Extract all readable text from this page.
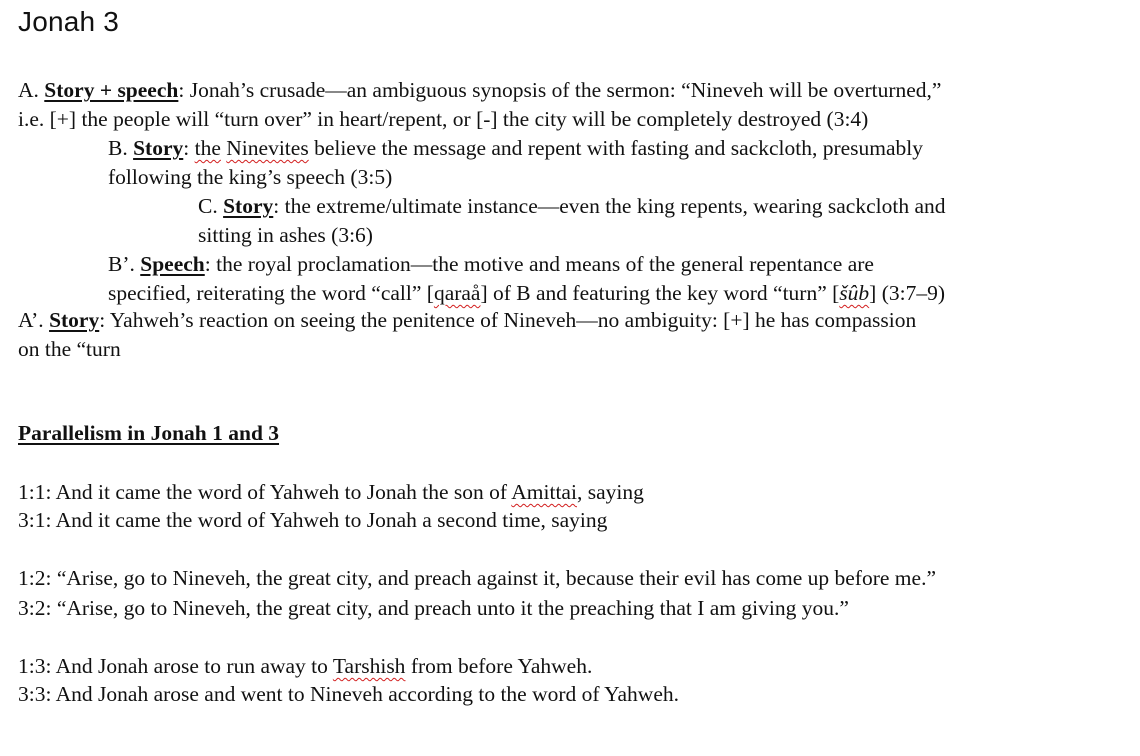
Jonah 3
A. Story + speech: Jonah’s crusade—an ambiguous synopsis of the sermon: “Nineveh will be overturned,”
i.e. [+] the people will “turn over” in heart/repent, or [-] the city will be completely destroyed (3:4)
B. Story: the Ninevites believe the message and repent with fasting and sackcloth, presumably
following the king’s speech (3:5)
C. Story: the extreme/ultimate instance—even the king repents, wearing sackcloth and
sitting in ashes (3:6)
B’. Speech: the royal proclamation—the motive and means of the general repentance are
specified, reiterating the word “call” [qaraå] of B and featuring the key word “turn” [šûb] (3:7–9)
A’. Story: Yahweh’s reaction on seeing the penitence of Nineveh—no ambiguity: [+] he has compassion
on the “turn
Parallelism in Jonah 1 and 3
1:1: And it came the word of Yahweh to Jonah the son of Amittai, saying
3:1: And it came the word of Yahweh to Jonah a second time, saying
1:2: “Arise, go to Nineveh, the great city, and preach against it, because their evil has come up before me.”
3:2: “Arise, go to Nineveh, the great city, and preach unto it the preaching that I am giving you.”
1:3: And Jonah arose to run away to Tarshish from before Yahweh.
3:3: And Jonah arose and went to Nineveh according to the word of Yahweh.
